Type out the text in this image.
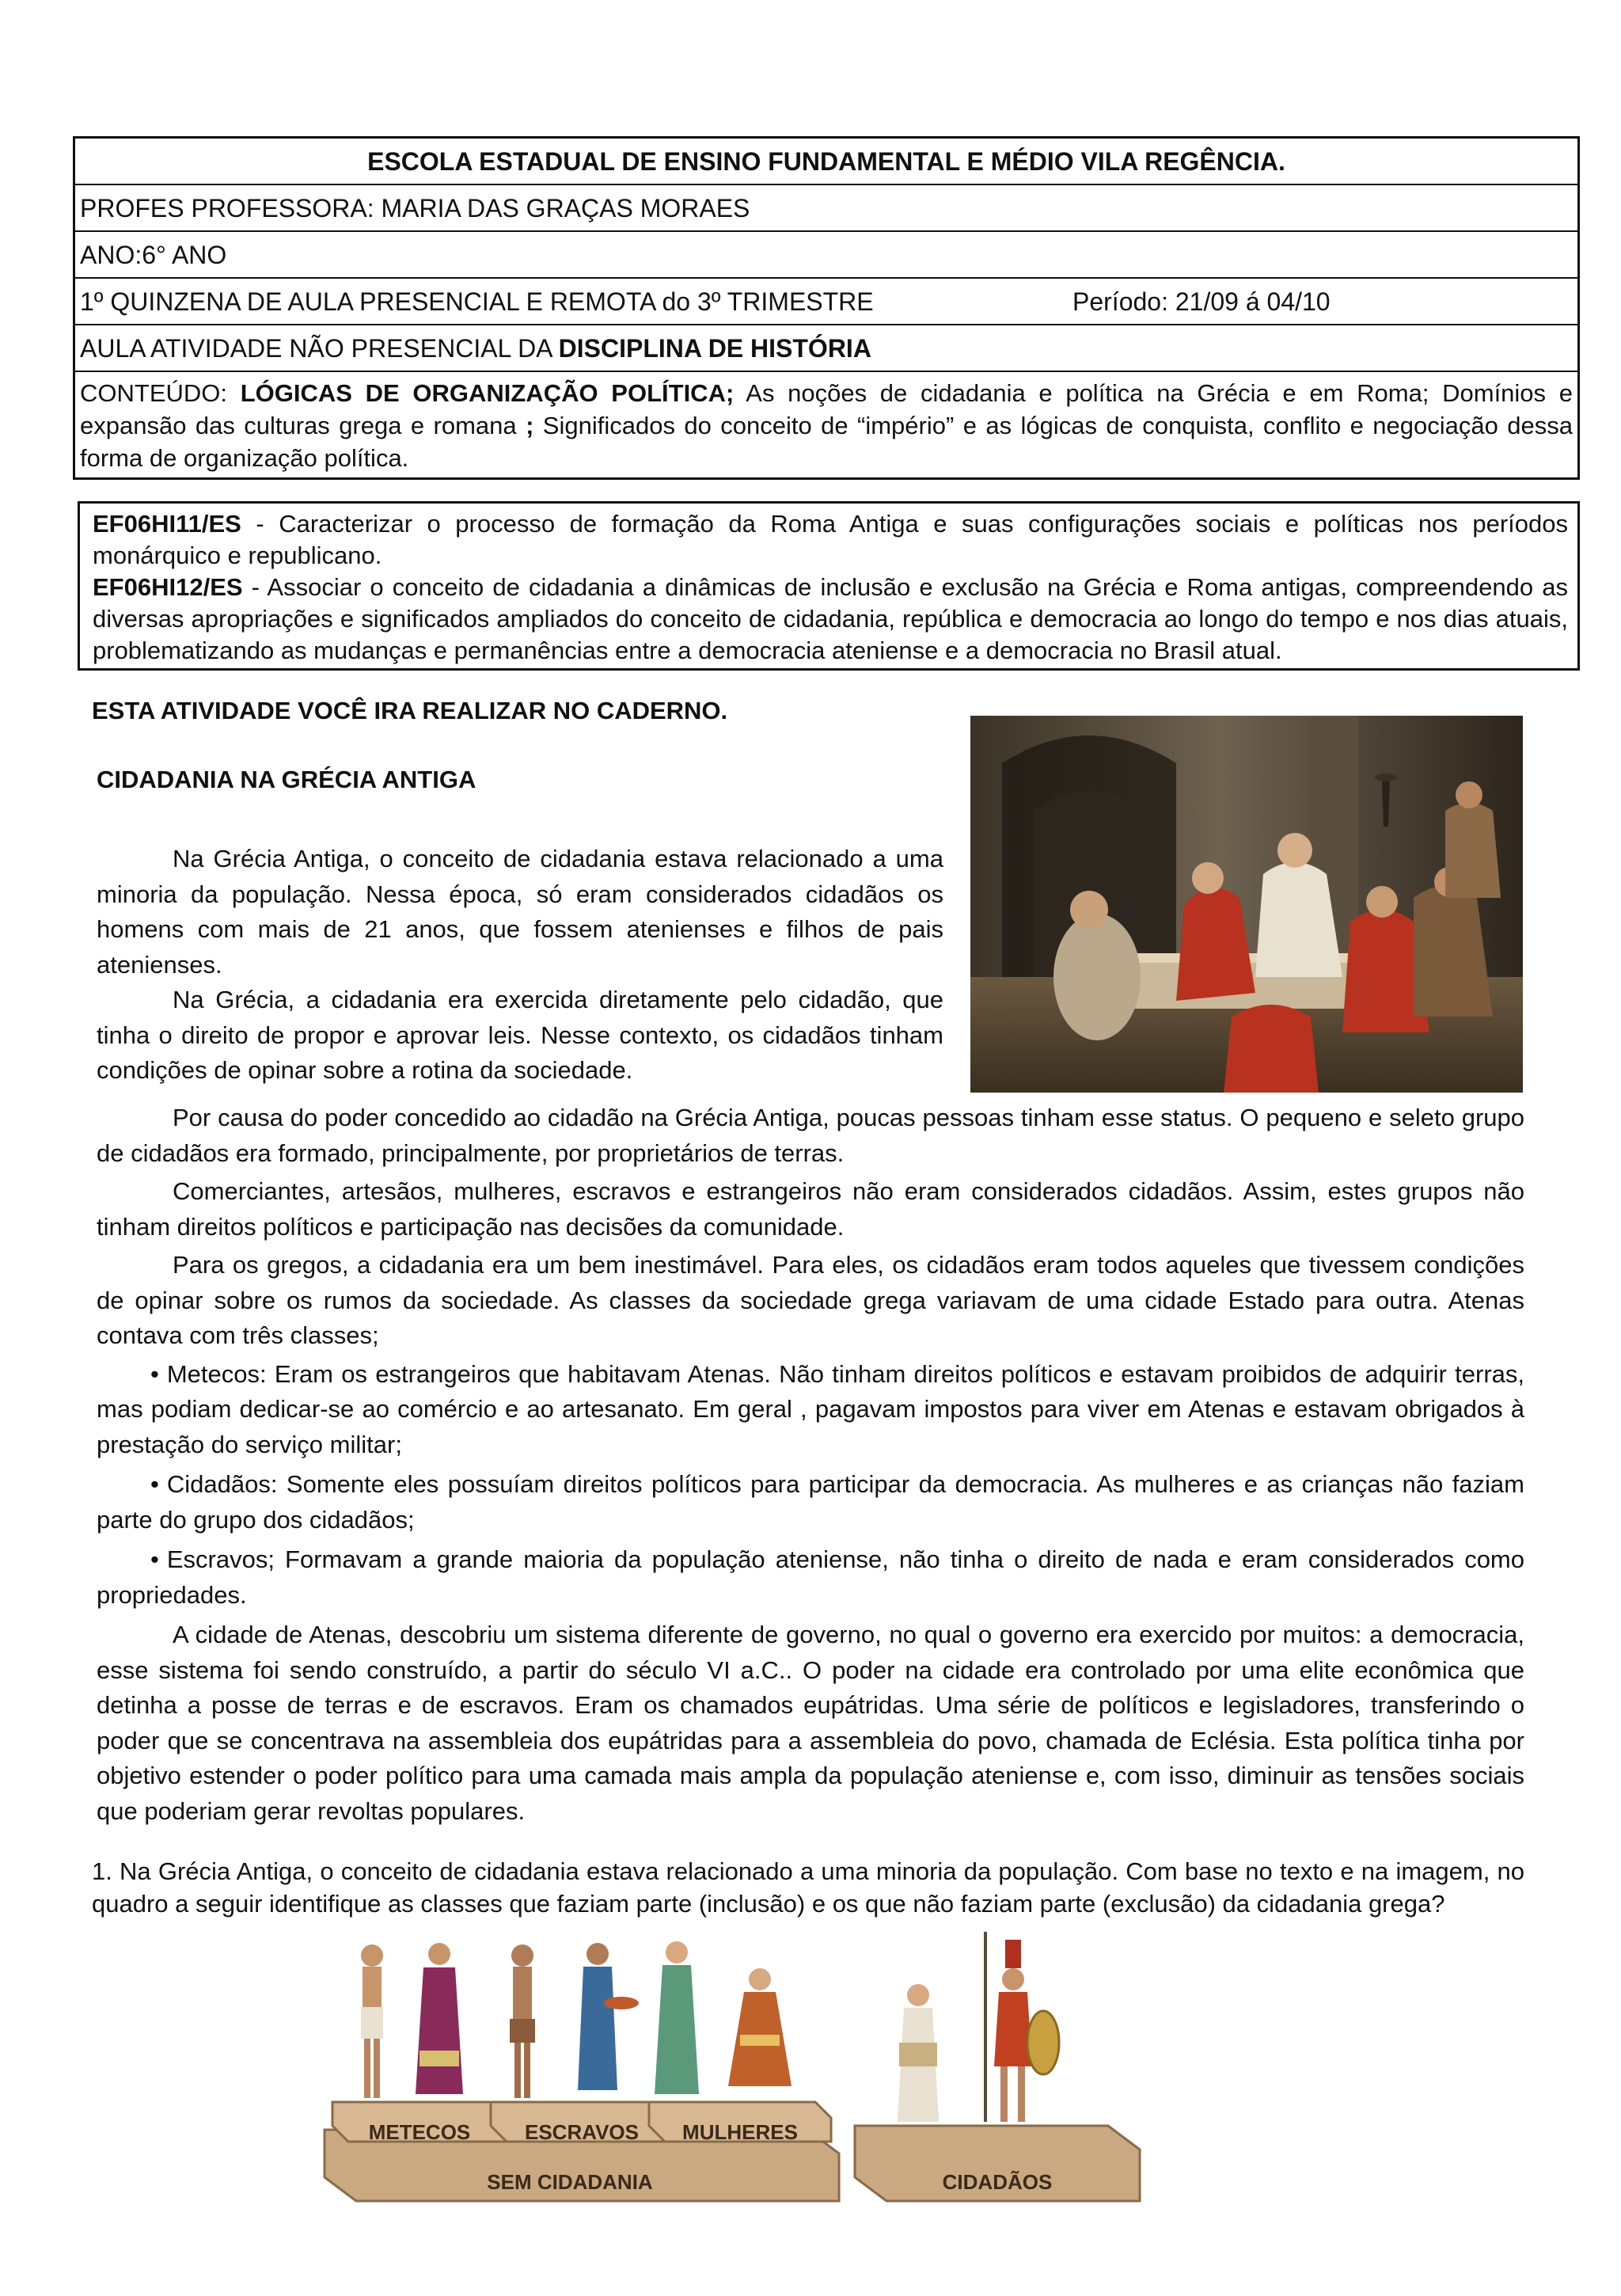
ESCOLA ESTADUAL DE ENSINO FUNDAMENTAL E MÉDIO VILA REGÊNCIA.
PROFES PROFESSORA: MARIA DAS GRAÇAS MORAES
ANO:6° ANO
1º QUINZENA DE AULA PRESENCIAL E REMOTA do 3º TRIMESTRE	Período: 21/09 á 04/10
AULA ATIVIDADE NÃO PRESENCIAL DA DISCIPLINA DE HISTÓRIA
CONTEÚDO: LÓGICAS DE ORGANIZAÇÃO POLÍTICA; As noções de cidadania e política na Grécia e em Roma; Domínios e expansão das culturas grega e romana ; Significados do conceito de “império” e as lógicas de conquista, conflito e negociação dessa forma de organização política.

EF06HI11/ES - Caracterizar o processo de formação da Roma Antiga e suas configurações sociais e políticas nos períodos monárquico e republicano.

EF06HI12/ES - Associar o conceito de cidadania a dinâmicas de inclusão e exclusão na Grécia e Roma antigas, compreendendo as diversas apropriações e significados ampliados do conceito de cidadania, república e democracia ao longo do tempo e nos dias atuais, problematizando as mudanças e permanências entre a democracia ateniense e a democracia no Brasil atual.

ESTA ATIVIDADE VOCÊ IRA REALIZAR NO CADERNO.
CIDADANIA NA GRÉCIA ANTIGA

Na Grécia Antiga, o conceito de cidadania estava relacionado a uma minoria da população. Nessa época, só eram considerados cidadãos os homens com mais de 21 anos, que fossem atenienses e filhos de pais atenienses.

Na Grécia, a cidadania era exercida diretamente pelo cidadão, que tinha o direito de propor e aprovar leis. Nesse contexto, os cidadãos tinham condições de opinar sobre a rotina da sociedade.

Por causa do poder concedido ao cidadão na Grécia Antiga, poucas pessoas tinham esse status. O pequeno e seleto grupo de cidadãos era formado, principalmente, por proprietários de terras.

Comerciantes, artesãos, mulheres, escravos e estrangeiros não eram considerados cidadãos. Assim, estes grupos não tinham direitos políticos e participação nas decisões da comunidade.

Para os gregos, a cidadania era um bem inestimável. Para eles, os cidadãos eram todos aqueles que tivessem condições de opinar sobre os rumos da sociedade. As classes da sociedade grega variavam de uma cidade Estado para outra. Atenas contava com três classes;

• Metecos: Eram os estrangeiros que habitavam Atenas. Não tinham direitos políticos e estavam proibidos de adquirir terras, mas podiam dedicar-se ao comércio e ao artesanato. Em geral , pagavam impostos para viver em Atenas e estavam obrigados à prestação do serviço militar;

• Cidadãos: Somente eles possuíam direitos políticos para participar da democracia. As mulheres e as crianças não faziam parte do grupo dos cidadãos;

• Escravos; Formavam a grande maioria da população ateniense, não tinha o direito de nada e eram considerados como propriedades.

A cidade de Atenas, descobriu um sistema diferente de governo, no qual o governo era exercido por muitos: a democracia, esse sistema foi sendo construído, a partir do século VI a.C.. O poder na cidade era controlado por uma elite econômica que detinha a posse de terras e de escravos. Eram os chamados eupátridas. Uma série de políticos e legisladores, transferindo o poder que se concentrava na assembleia dos eupátridas para a assembleia do povo, chamada de Eclésia. Esta política tinha por objetivo estender o poder político para uma camada mais ampla da população ateniense e, com isso, diminuir as tensões sociais que poderiam gerar revoltas populares.

1. Na Grécia Antiga, o conceito de cidadania estava relacionado a uma minoria da população. Com base no texto e na imagem, no quadro a seguir identifique as classes que faziam parte (inclusão) e os que não faziam parte (exclusão) da cidadania grega?
METECOS	ESCRAVOS MULHERES
SEM CIDADANIA	CIDADÃOS
